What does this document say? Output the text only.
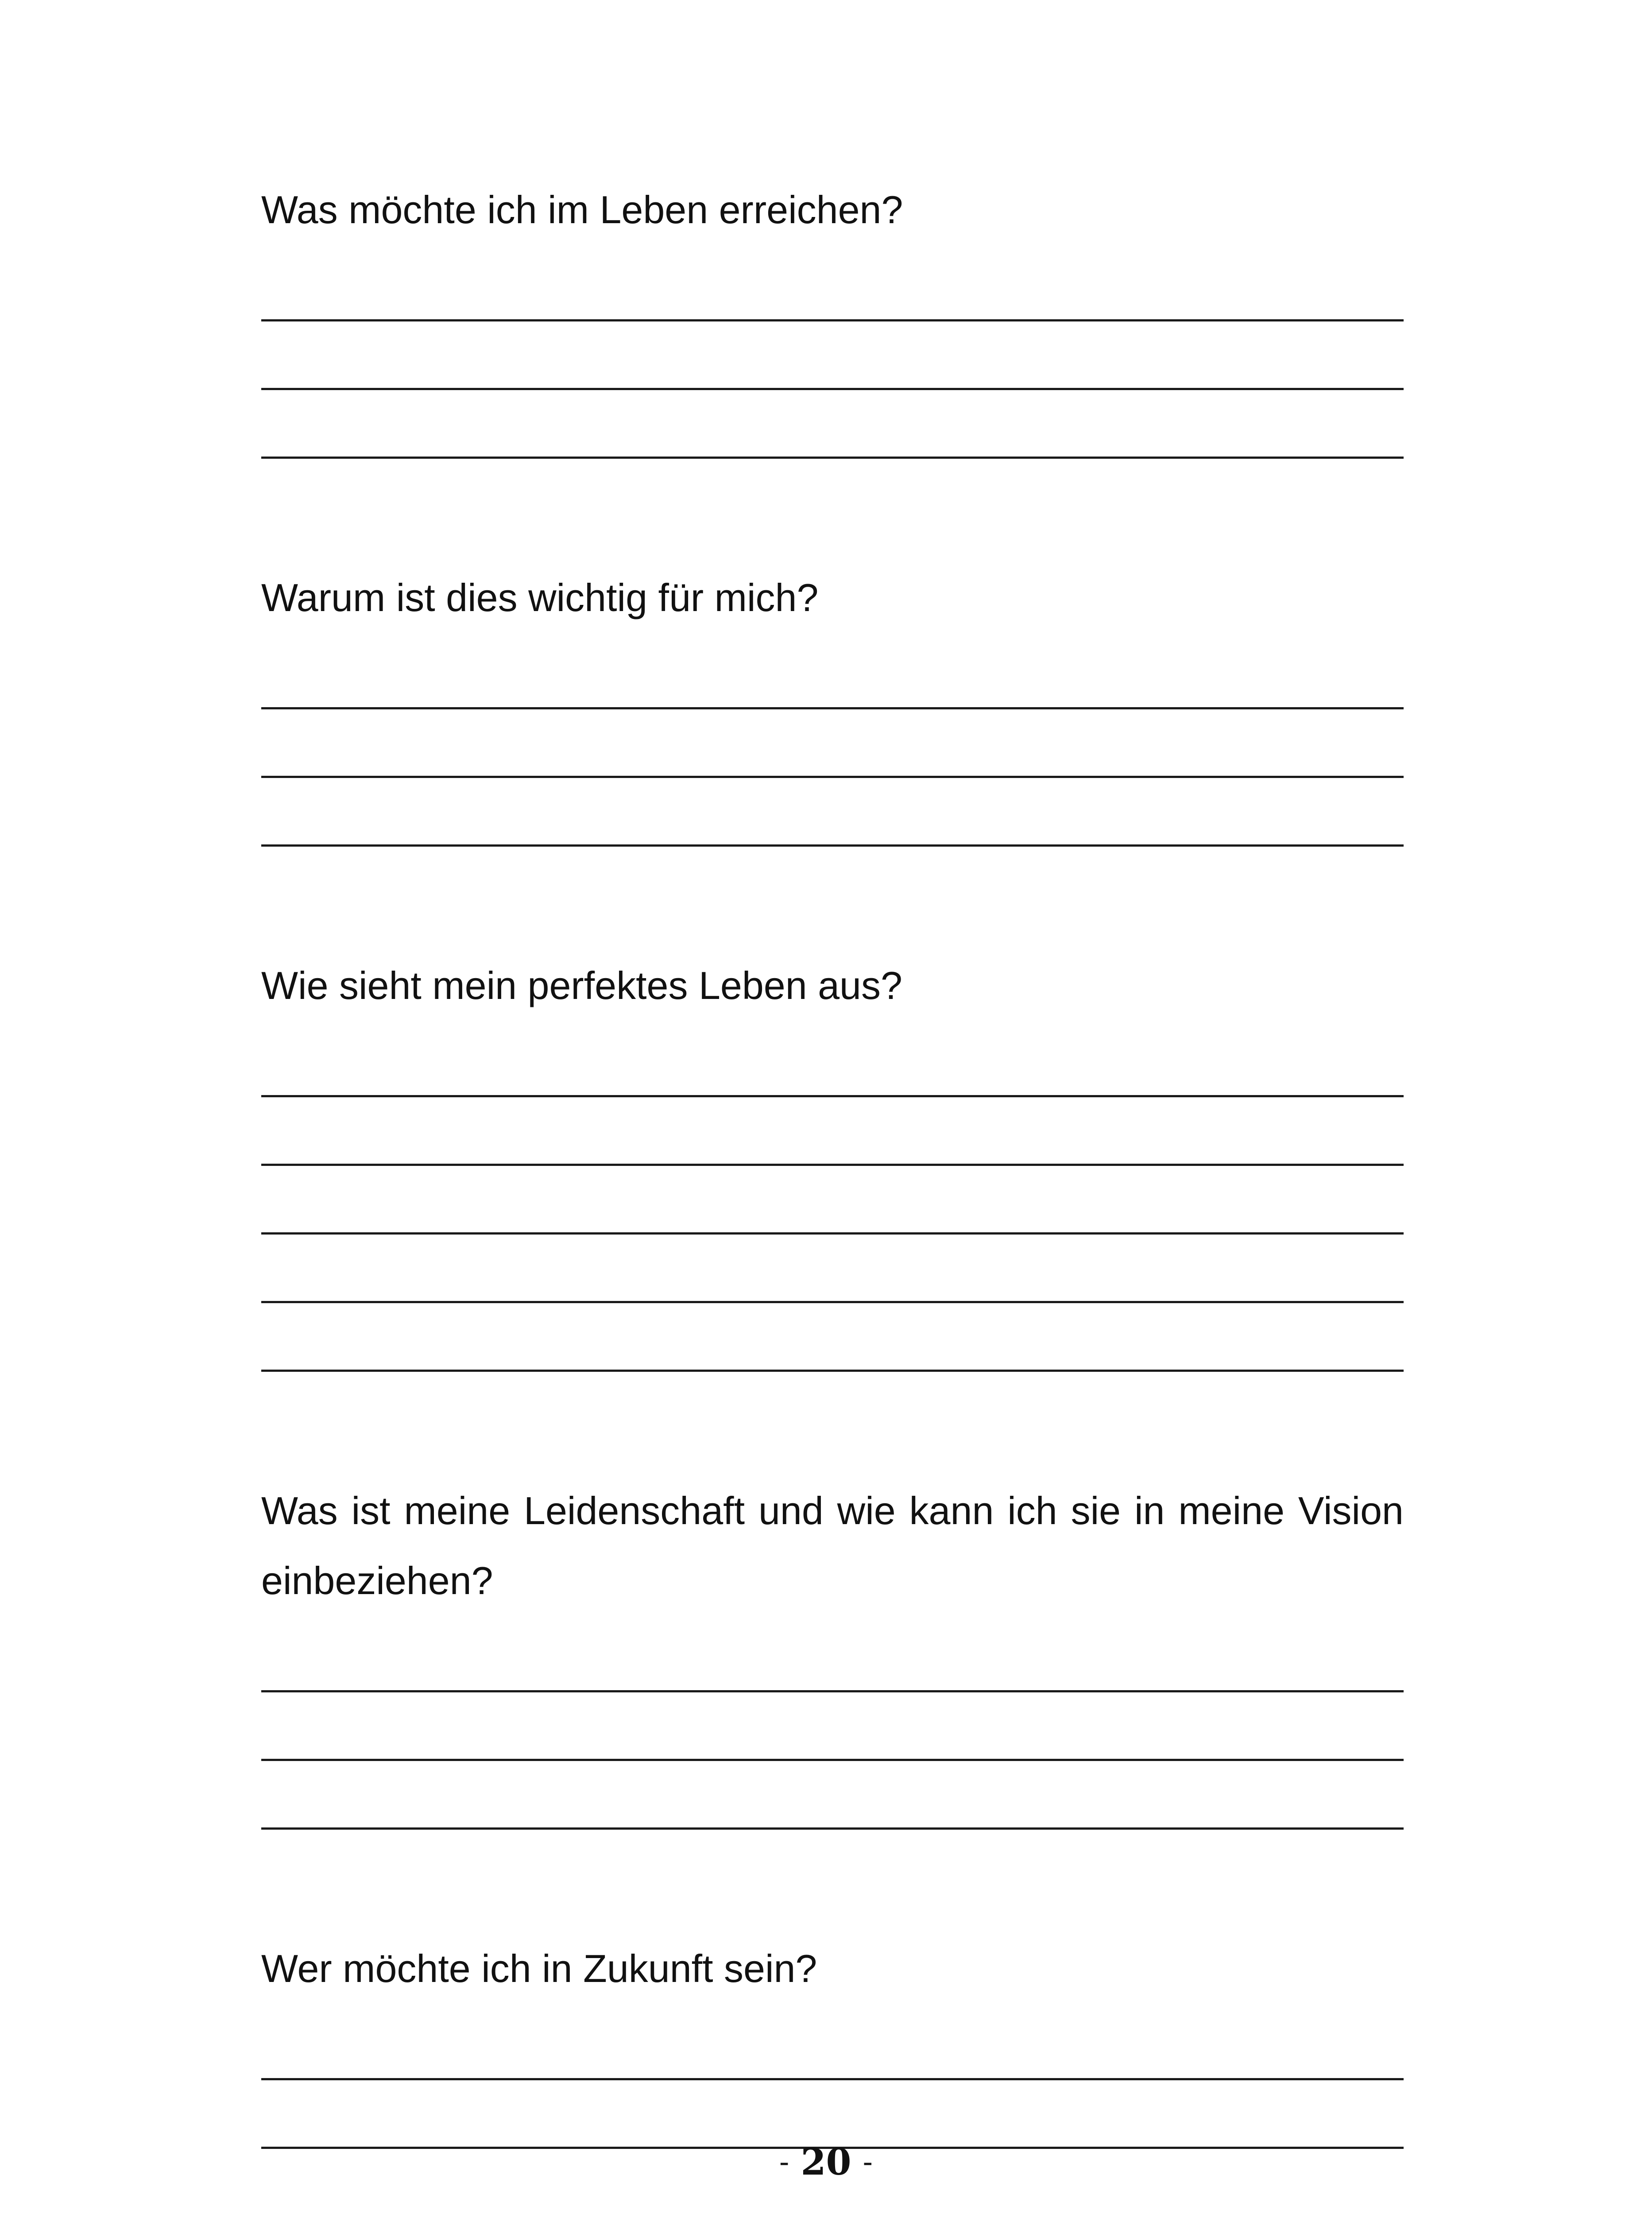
Was möchte ich im Leben erreichen?

Warum ist dies wichtig für mich?

Wie sieht mein perfektes Leben aus?

Was ist meine Leidenschaft und wie kann ich sie in meine Vision einbeziehen?

Wer möchte ich in Zukunft sein?

- 20 -
